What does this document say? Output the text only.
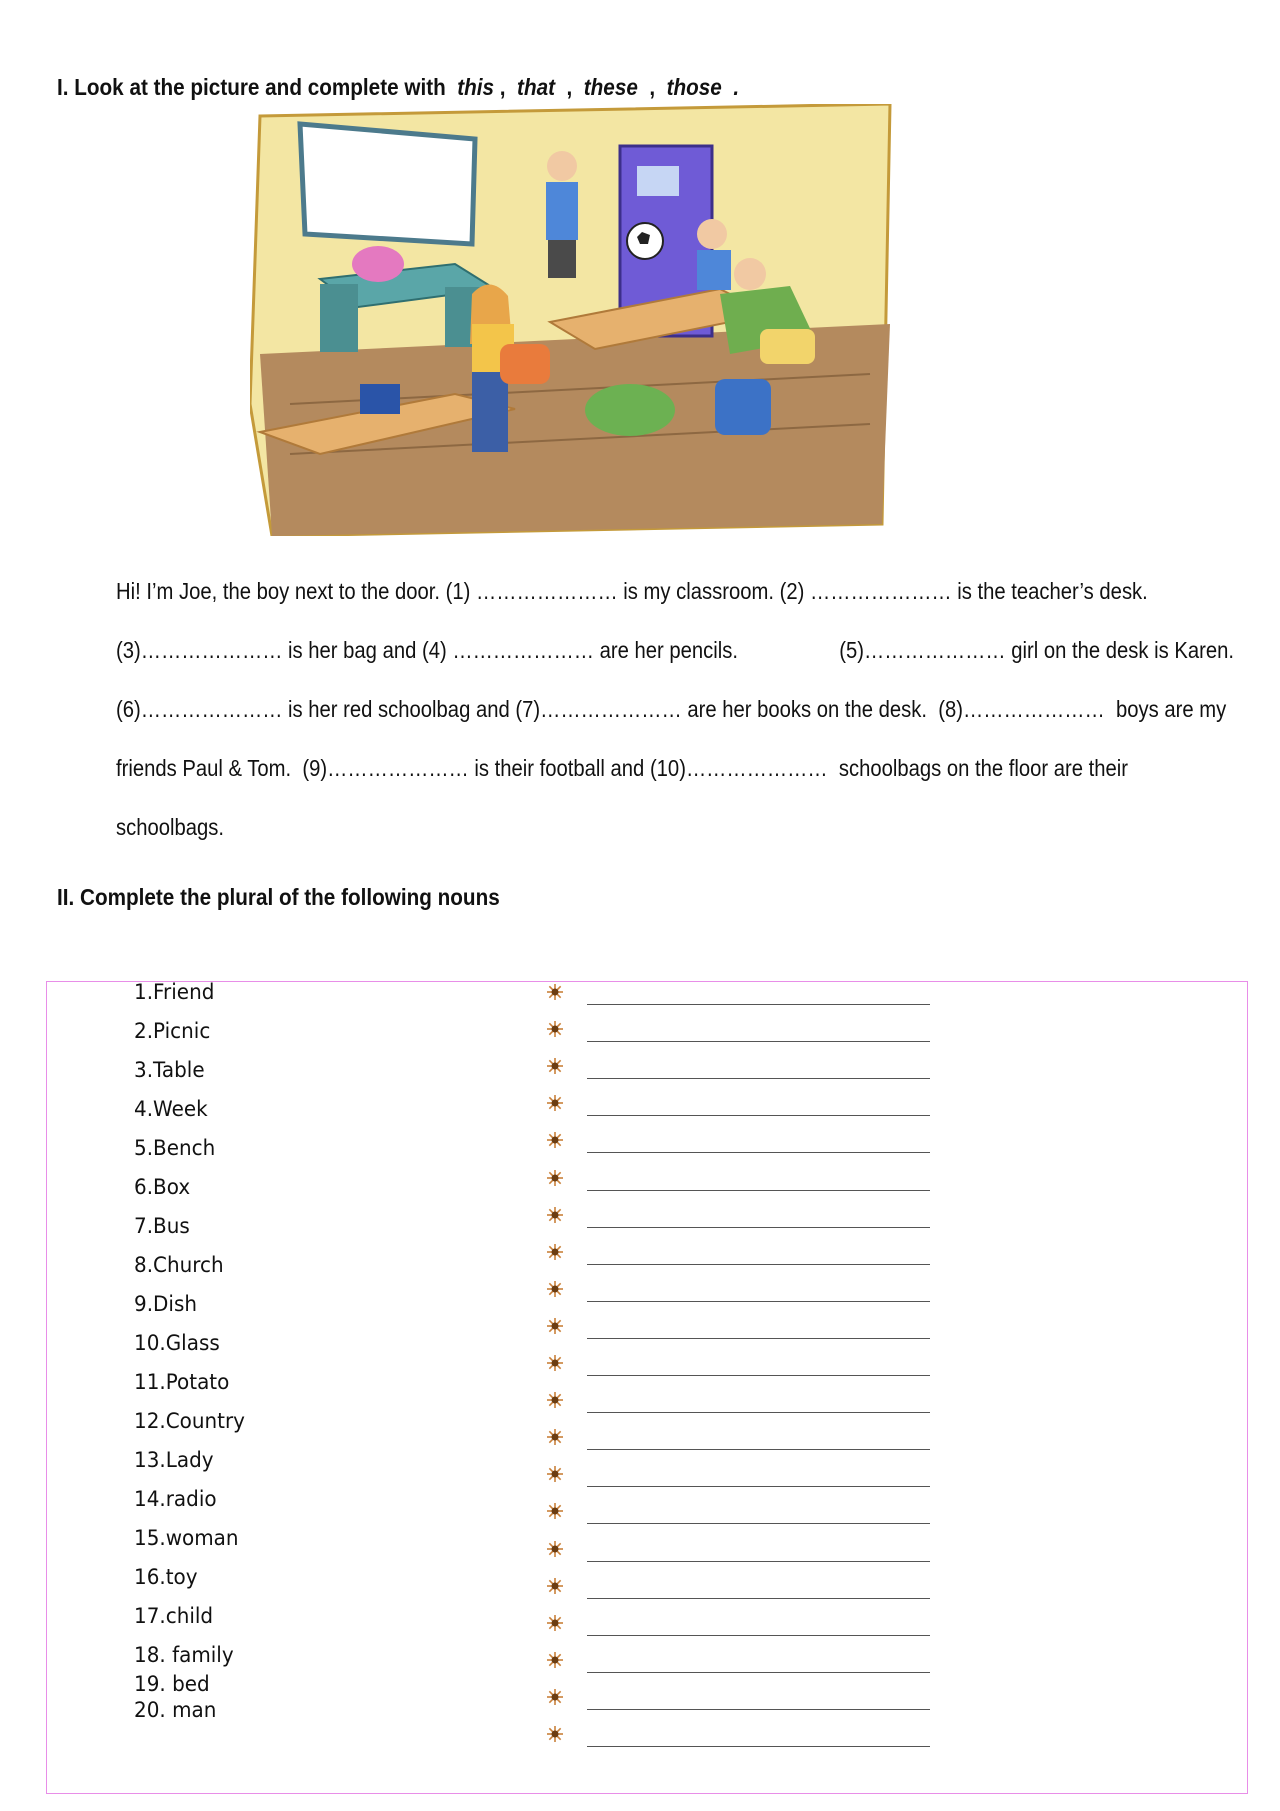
I. Look at the picture and complete with this , that , these , those .
Hi! I’m Joe, the boy next to the door. (1) ………………… is my classroom. (2) ………………… is the teacher’s desk.
(3)………………… is her bag and (4) ………………… are her pencils.                  (5)………………… girl on the desk is Karen.
(6)………………… is her red schoolbag and (7)………………… are her books on the desk.  (8)…………………  boys are my
friends Paul & Tom.  (9)………………… is their football and (10)…………………  schoolbags on the floor are their
schoolbags.
II. Complete the plural of the following nouns
1.Friend
2.Picnic
3.Table
4.Week
5.Bench
6.Box
7.Bus
8.Church
9.Dish
10.Glass
11.Potato
12.Country
13.Lady
14.radio
15.woman
16.toy
17.child
18. family
19. bed
20. man
